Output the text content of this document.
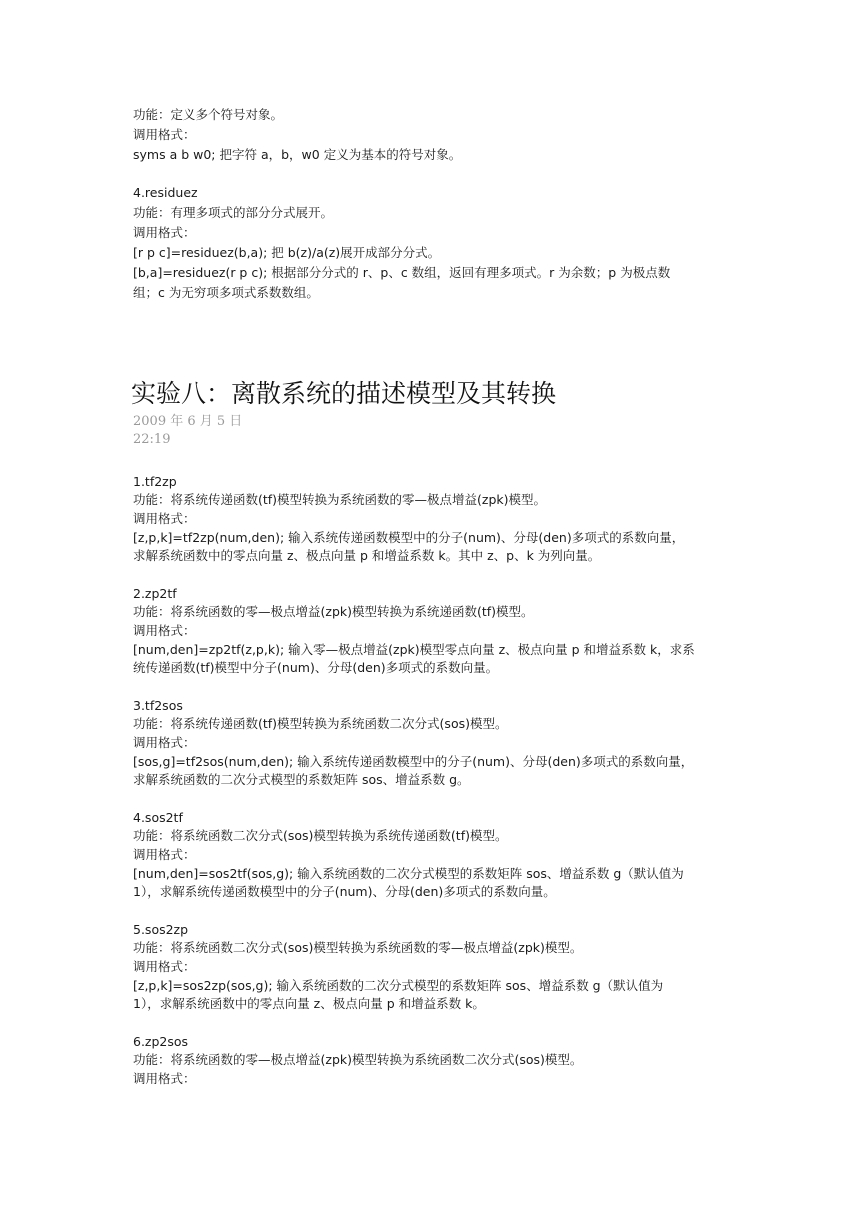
功能：定义多个符号对象。
调用格式：
syms a b w0; 把字符 a，b，w0 定义为基本的符号对象。
4.residuez
功能：有理多项式的部分分式展开。
调用格式：
[r p c]=residuez(b,a); 把 b(z)/a(z)展开成部分分式。
[b,a]=residuez(r p c); 根据部分分式的 r、p、c 数组，返回有理多项式。r 为余数；p 为极点数
组；c 为无穷项多项式系数数组。
实验八：离散系统的描述模型及其转换
2009 年 6 月 5 日
22:19
1.tf2zp
功能：将系统传递函数(tf)模型转换为系统函数的零—极点增益(zpk)模型。
调用格式：
[z,p,k]=tf2zp(num,den); 输入系统传递函数模型中的分子(num)、分母(den)多项式的系数向量，
求解系统函数中的零点向量 z、极点向量 p 和增益系数 k。其中 z、p、k 为列向量。
2.zp2tf
功能：将系统函数的零—极点增益(zpk)模型转换为系统递函数(tf)模型。
调用格式：
[num,den]=zp2tf(z,p,k); 输入零—极点增益(zpk)模型零点向量 z、极点向量 p 和增益系数 k，求系
统传递函数(tf)模型中分子(num)、分母(den)多项式的系数向量。
3.tf2sos
功能：将系统传递函数(tf)模型转换为系统函数二次分式(sos)模型。
调用格式：
[sos,g]=tf2sos(num,den); 输入系统传递函数模型中的分子(num)、分母(den)多项式的系数向量，
求解系统函数的二次分式模型的系数矩阵 sos、增益系数 g。
4.sos2tf
功能：将系统函数二次分式(sos)模型转换为系统传递函数(tf)模型。
调用格式：
[num,den]=sos2tf(sos,g); 输入系统函数的二次分式模型的系数矩阵 sos、增益系数 g（默认值为
1），求解系统传递函数模型中的分子(num)、分母(den)多项式的系数向量。
5.sos2zp
功能：将系统函数二次分式(sos)模型转换为系统函数的零—极点增益(zpk)模型。
调用格式：
[z,p,k]=sos2zp(sos,g); 输入系统函数的二次分式模型的系数矩阵 sos、增益系数 g（默认值为
1），求解系统函数中的零点向量 z、极点向量 p 和增益系数 k。
6.zp2sos
功能：将系统函数的零—极点增益(zpk)模型转换为系统函数二次分式(sos)模型。
调用格式：
